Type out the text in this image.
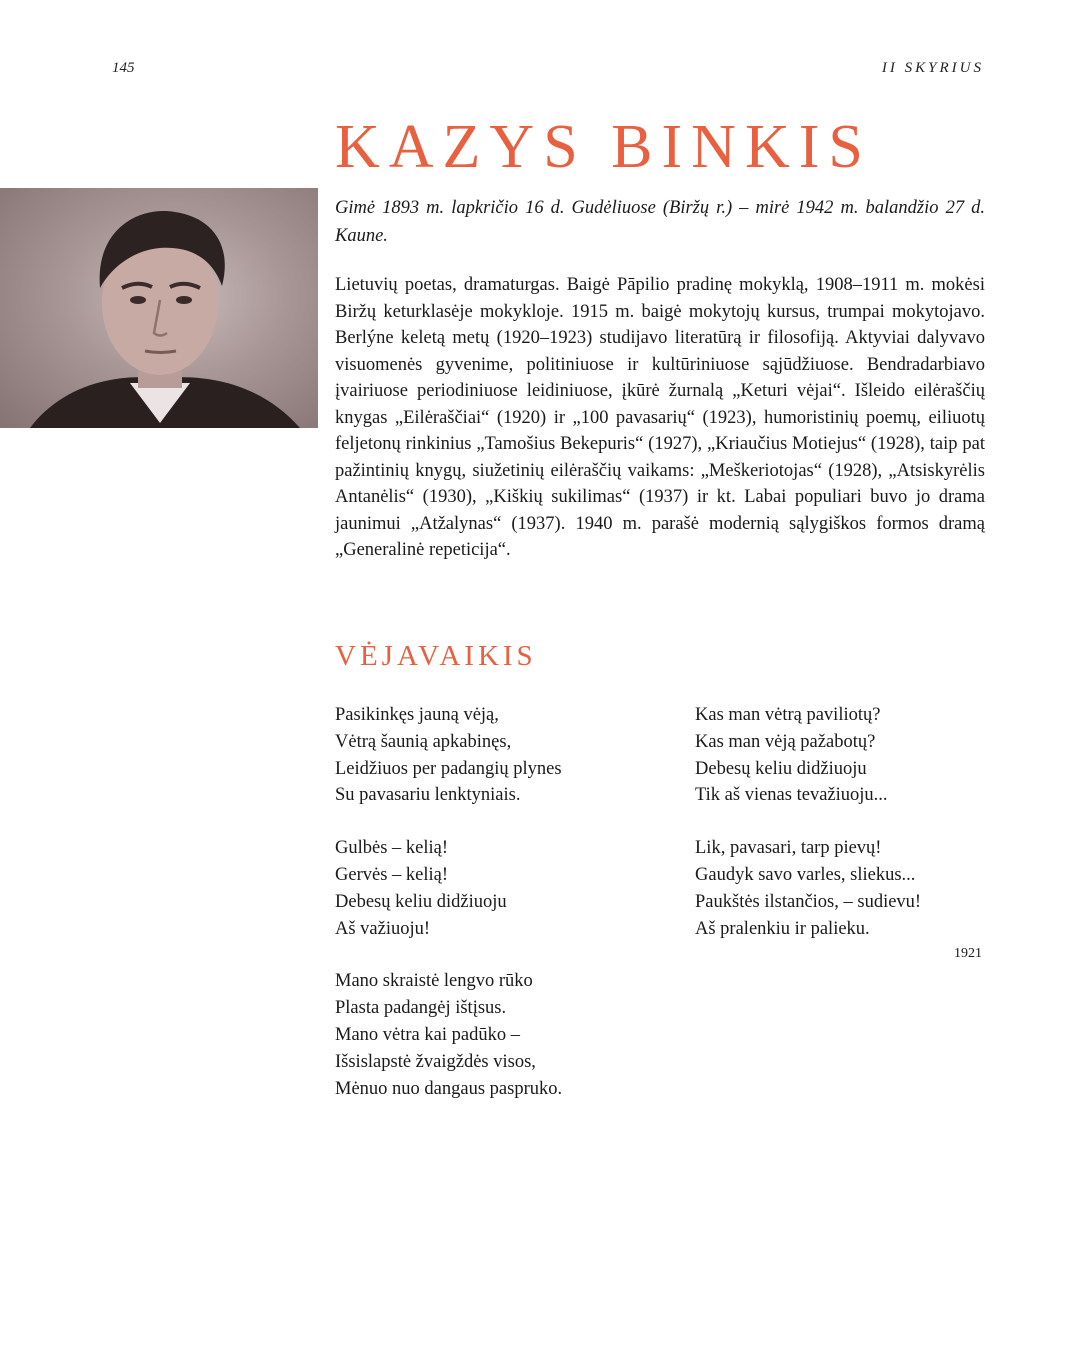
145	II SKYRIUS
KAZYS BINKIS

Gimė 1893 m. lapkričio 16 d. Gudėliuose (Biržų r.) – mirė 1942 m. balandžio 27 d. Kaune.

Lietuvių poetas, dramaturgas. Baigė Pāpilio pradinę mokyklą, 1908–1911 m. mokėsi Biržų keturklasėje mokykloje. 1915 m. baigė mokytojų kursus, trumpai mokytojavo. Berlýne keletą metų (1920–1923) studijavo literatūrą ir filosofiją. Aktyviai dalyvavo visuomenės gyvenime, politiniuose ir kultūriniuose sąjūdžiuose. Bendradarbiavo įvairiuose periodiniuose leidiniuose, įkūrė žurnalą „Keturi vėjai“. Išleido eilėraščių knygas „Eilėraščiai“ (1920) ir „100 pavasarių“ (1923), humoristinių poemų, eiliuotų feljetonų rinkinius „Tamošius Bekepuris“ (1927), „Kriaučius Motiejus“ (1928), taip pat pažintinių knygų, siužetinių eilėraščių vaikams: „Meškeriotojas“ (1928), „Atsiskyrėlis Antanėlis“ (1930), „Kiškių sukilimas“ (1937) ir kt. Labai populiari buvo jo drama jaunimui „Atžalynas“ (1937). 1940 m. parašė modernią sąlygiškos formos dramą „Generalinė repeticija“.

VĖJAVAIKIS
Pasikinkęs jauną vėją,
Vėtrą šaunią apkabinęs,
Leidžiuos per padangių plynes
Su pavasariu lenktyniais.
Gulbės – kelią!
Gervės – kelią!
Debesų keliu didžiuoju
Aš važiuoju!
Mano skraistė lengvo rūko
Plasta padangėj ištįsus.
Mano vėtra kai padūko –
Išsislapstė žvaigždės visos,
Mėnuo nuo dangaus paspruko.
Kas man vėtrą paviliotų?
Kas man vėją pažabotų?
Debesų keliu didžiuoju
Tik aš vienas tevažiuoju...
Lik, pavasari, tarp pievų!
Gaudyk savo varles, sliekus...
Paukštės ilstančios, – sudievu!
Aš pralenkiu ir palieku.
1921
